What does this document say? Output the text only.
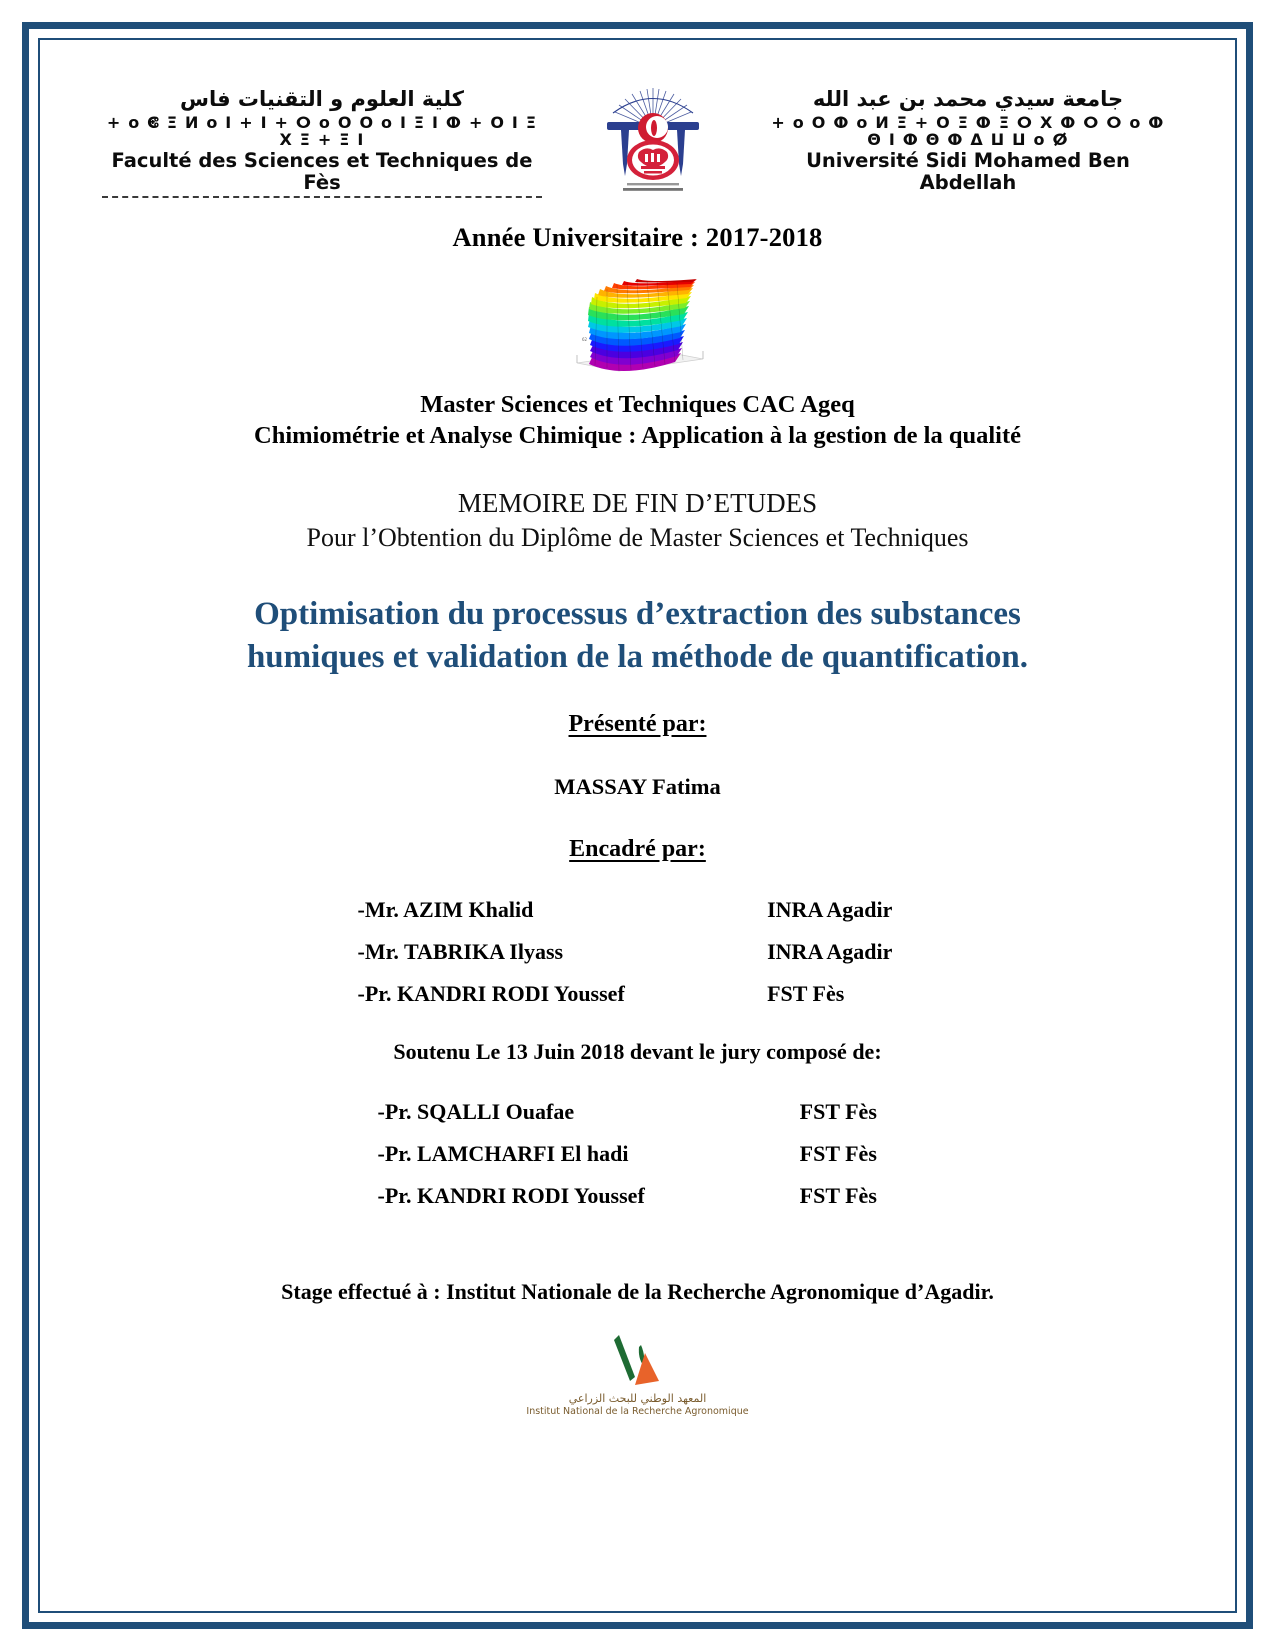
كلية العلوم و التقنيات فاس
+ o ⵞ Ξ ⵍ o I + I + ⵔ o O O o I Ξ I ⵀ + O I Ξ ⵝ Ξ + Ξ I
Faculté des Sciences et Techniques de Fès
جامعة سيدي محمد بن عبد الله
+ o O ⵀ o ⵍ Ξ + O Ξ ⵀ Ξ ⵔ ⵝ ⵀ ⵔ ⵔ o ⵀ Θ I ⵀ Θ ⵀ ⵠ ⵡ ⵡ o ⵁ
Université Sidi Mohamed Ben Abdellah
Année Universitaire : 2017-2018
62
Master Sciences et Techniques CAC Ageq
Chimiométrie et Analyse Chimique : Application à la gestion de la qualité
MEMOIRE DE FIN D’ETUDES
Pour l’Obtention du Diplôme de Master Sciences et Techniques
Optimisation du processus d’extraction des substances humiques et validation de la méthode de quantification.
Présenté par:
MASSAY Fatima
Encadré par:
-Mr. AZIM Khalid	INRA Agadir
-Mr. TABRIKA Ilyass	INRA Agadir
-Pr. KANDRI RODI Youssef	FST Fès
Soutenu Le 13 Juin 2018 devant le jury composé de:
-Pr. SQALLI Ouafae	FST Fès
-Pr. LAMCHARFI El hadi	FST Fès
-Pr. KANDRI RODI Youssef	FST Fès
Stage effectué à : Institut Nationale de la Recherche Agronomique d’Agadir.
المعهد الوطني للبحث الزراعي
Institut National de la Recherche Agronomique
